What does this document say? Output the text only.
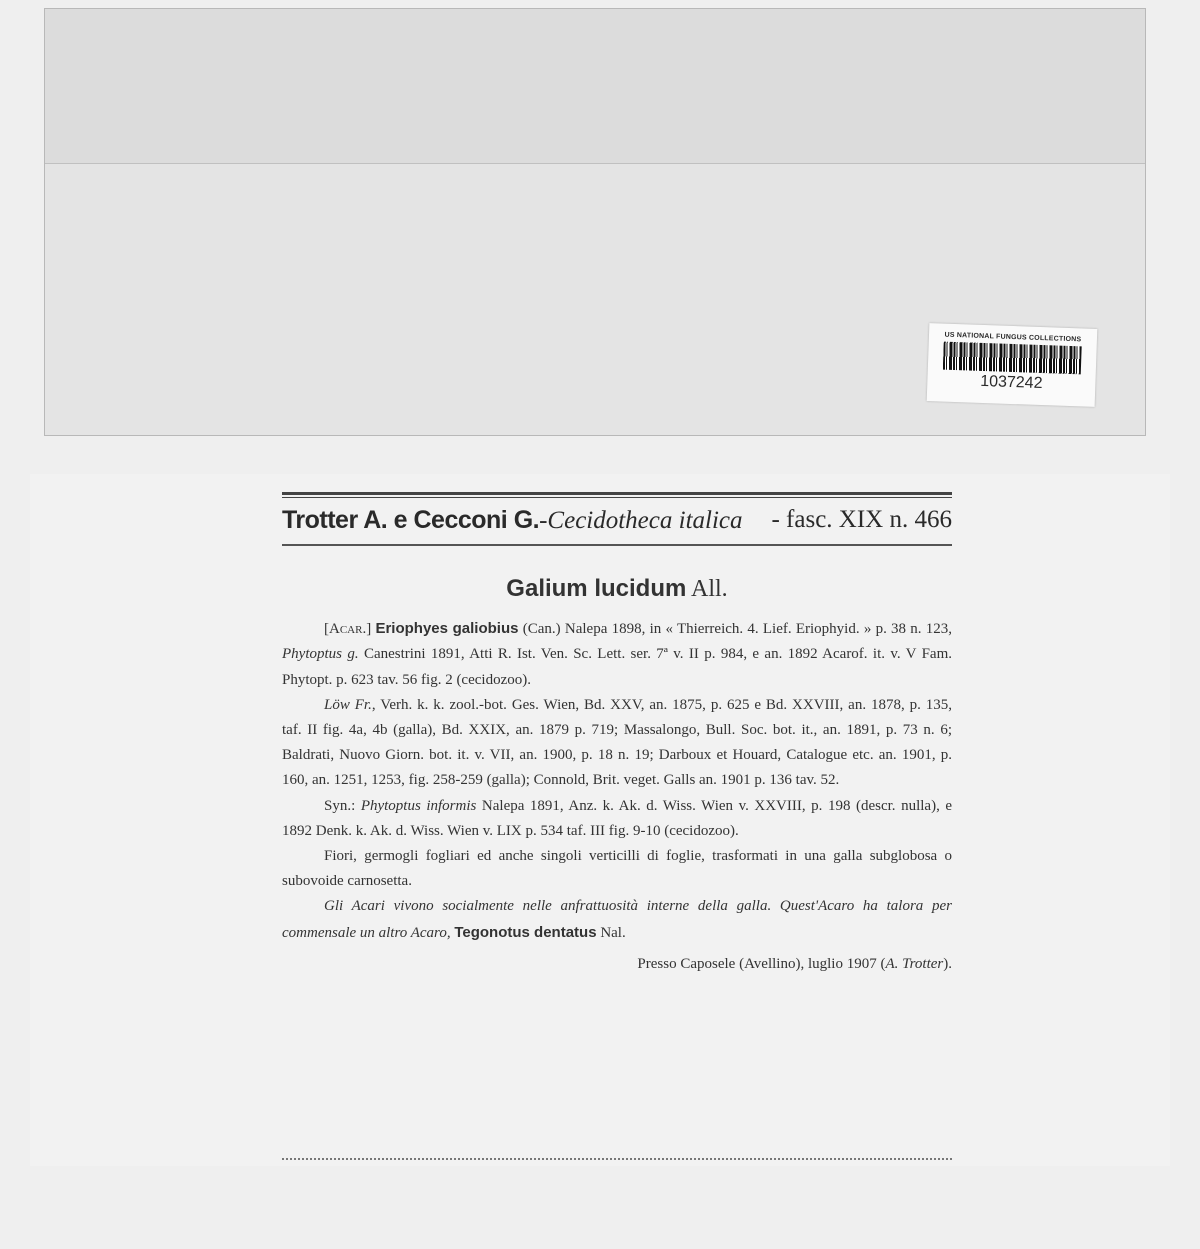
US NATIONAL FUNGUS COLLECTIONS
1037242
Trotter A. e Cecconi G.-Cecidotheca italica - fasc. XIX n. 466
Galium lucidum All.

[Acar.] Eriophyes galiobius (Can.) Nalepa 1898, in « Thierreich. 4. Lief. Eriophyid. » p. 38 n. 123, Phytoptus g. Canestrini 1891, Atti R. Ist. Ven. Sc. Lett. ser. 7ª v. II p. 984, e an. 1892 Acarof. it. v. V Fam. Phytopt. p. 623 tav. 56 fig. 2 (cecidozoo).

Löw Fr., Verh. k. k. zool.-bot. Ges. Wien, Bd. XXV, an. 1875, p. 625 e Bd. XXVIII, an. 1878, p. 135, taf. II fig. 4a, 4b (galla), Bd. XXIX, an. 1879 p. 719; Massalongo, Bull. Soc. bot. it., an. 1891, p. 73 n. 6; Baldrati, Nuovo Giorn. bot. it. v. VII, an. 1900, p. 18 n. 19; Darboux et Houard, Catalogue etc. an. 1901, p. 160, an. 1251, 1253, fig. 258-259 (galla); Connold, Brit. veget. Galls an. 1901 p. 136 tav. 52.

Syn.: Phytoptus informis Nalepa 1891, Anz. k. Ak. d. Wiss. Wien v. XXVIII, p. 198 (descr. nulla), e 1892 Denk. k. Ak. d. Wiss. Wien v. LIX p. 534 taf. III fig. 9-10 (cecidozoo).

Fiori, germogli fogliari ed anche singoli verticilli di foglie, trasformati in una galla subglobosa o subovoide carnosetta.

Gli Acari vivono socialmente nelle anfrattuosità interne della galla. Quest'Acaro ha talora per commensale un altro Acaro, Tegonotus dentatus Nal.

Presso Caposele (Avellino), luglio 1907 (A. Trotter).
